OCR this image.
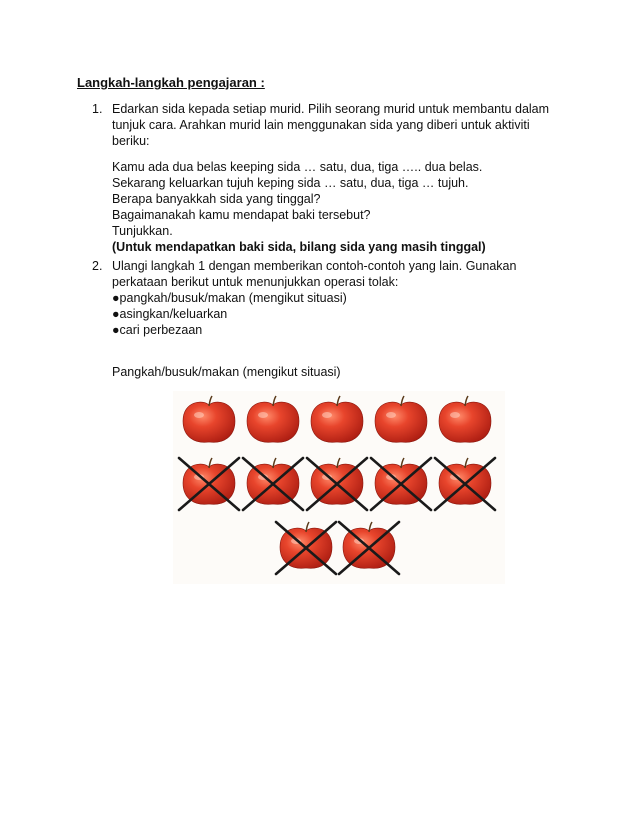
Langkah-langkah pengajaran :
1. Edarkan sida kepada setiap murid. Pilih seorang murid untuk membantu dalam

tunjuk cara. Arahkan murid lain menggunakan sida yang diberi untuk aktiviti

beriku:

Kamu ada dua belas keeping sida … satu, dua, tiga ….. dua belas.

Sekarang keluarkan tujuh keping sida … satu, dua, tiga … tujuh.

Berapa banyakkah sida yang tinggal?

Bagaimanakah kamu mendapat baki tersebut?

Tunjukkan.

(Untuk mendapatkan baki sida, bilang sida yang masih tinggal)

2. Ulangi langkah 1 dengan memberikan contoh-contoh yang lain. Gunakan

perkataan berikut untuk menunjukkan operasi tolak:

●pangkah/busuk/makan (mengikut situasi)

●asingkan/keluarkan

●cari perbezaan

Pangkah/busuk/makan (mengikut situasi)
